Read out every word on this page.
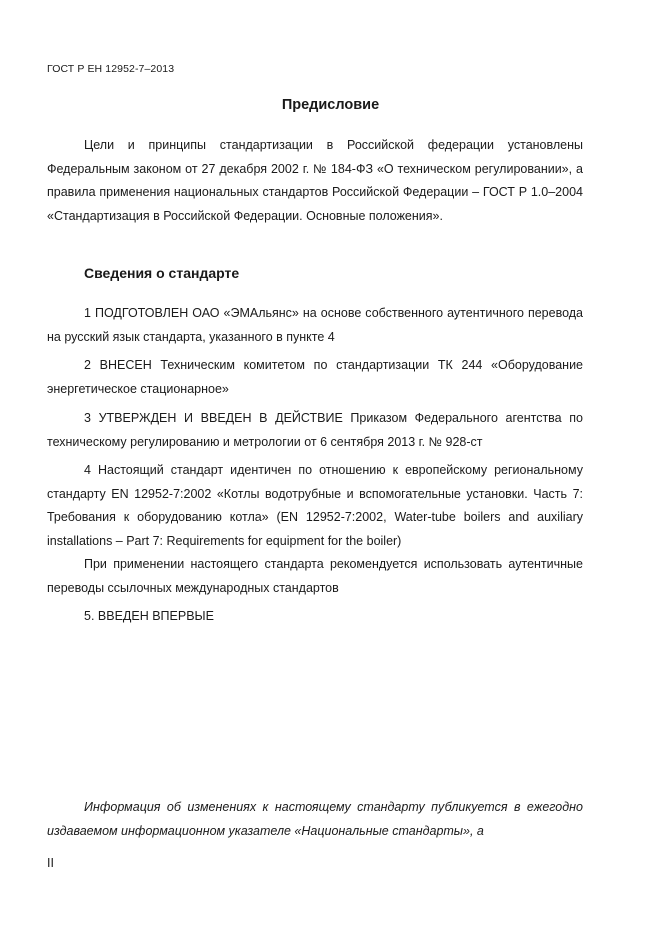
ГОСТ Р ЕН 12952-7–2013
Предисловие
Цели и принципы стандартизации в Российской федерации установлены Федеральным законом от 27 декабря 2002 г. № 184-ФЗ «О техническом регулировании», а правила применения национальных стандартов Российской Федерации – ГОСТ Р 1.0–2004 «Стандартизация в Российской Федерации. Основные положения».
Сведения о стандарте
1 ПОДГОТОВЛЕН ОАО «ЭМАльянс» на основе собственного аутентичного перевода на русский язык стандарта, указанного в пункте 4
2 ВНЕСЕН Техническим комитетом по стандартизации ТК 244 «Оборудование энергетическое стационарное»
3 УТВЕРЖДЕН И ВВЕДЕН В ДЕЙСТВИЕ Приказом Федерального агентства по техническому регулированию и метрологии от 6 сентября 2013 г. № 928-ст
4 Настоящий стандарт идентичен по отношению к европейскому региональному стандарту EN 12952-7:2002 «Котлы водотрубные и вспомогательные установки. Часть 7: Требования к оборудованию котла» (EN 12952-7:2002, Water-tube boilers and auxiliary installations – Part 7: Requirements for equipment for the boiler)
При применении настоящего стандарта рекомендуется использовать аутентичные переводы ссылочных международных стандартов
5. ВВЕДЕН ВПЕРВЫЕ
Информация об изменениях к настоящему стандарту публикуется в ежегодно издаваемом информационном указателе «Национальные стандарты», а
II
